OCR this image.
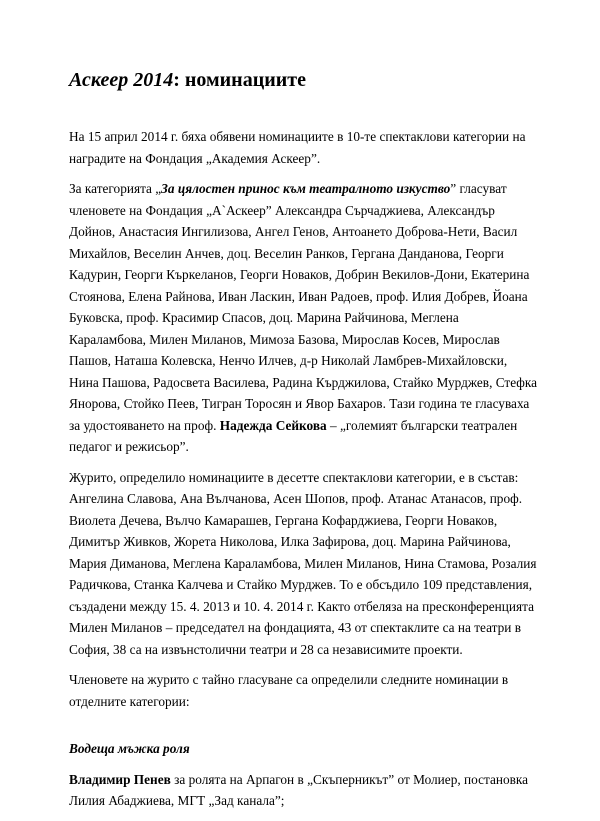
Аскеер 2014: номинациите

На 15 април 2014 г. бяха обявени номинациите в 10-те спектаклови категории на наградите на Фондация „Академия Аскеер”.

За категорията „За цялостен принос към театралното изкуство” гласуват членовете на Фондация „А`Аскеер” Александра Сърчаджиева, Александър Дойнов, Анастасия Ингилизова, Ангел Генов, Антоането Доброва-Нети, Васил Михайлов, Веселин Анчев, доц. Веселин Ранков, Гергана Данданова, Георги Кадурин, Георги Къркеланов, Георги Новаков, Добрин Векилов-Дони, Екатерина Стоянова, Елена Райнова, Иван Ласкин, Иван Радоев, проф. Илия Добрев, Йоана Буковска, проф. Красимир Спасов, доц. Марина Райчинова, Меглена Караламбова, Милен Миланов, Мимоза Базова, Мирослав Косев, Мирослав Пашов, Наташа Колевска, Ненчо Илчев, д-р Николай Ламбрев-Михайловски, Нина Пашова, Радосвета Василева, Радина Кърджилова, Стайко Мурджев, Стефка Янорова, Стойко Пеев, Тигран Торосян и Явор Бахаров. Тази година те гласуваха за удостояването на проф. Надежда Сейкова – „големият български театрален педагог и режисьор”.

Журито, определило номинациите в десетте спектаклови категории, е в състав: Ангелина Славова, Ана Вълчанова, Асен Шопов, проф. Атанас Атанасов, проф. Виолета Дечева, Вълчо Камарашев, Гергана Кофарджиева, Георги Новаков, Димитър Живков, Жорета Николова, Илка Зафирова, доц. Марина Райчинова, Мария Диманова, Меглена Караламбова, Милен Миланов, Нина Стамова, Розалия Радичкова, Станка Калчева и Стайко Мурджев. То е обсъдило 109 представления, създадени между 15. 4. 2013 и 10. 4. 2014 г. Както отбеляза на пресконференцията Милен Миланов – председател на фондацията, 43 от спектаклите са на театри в София, 38 са на извънстолични театри и 28 са независимите проекти.

Членовете на журито с тайно гласуване са определили следните номинации в отделните категории:

Водеща мъжка роля

Владимир Пенев за ролята на Арпагон в „Скъперникът” от Молиер, постановка Лилия Абаджиева, МГТ „Зад канала”;
